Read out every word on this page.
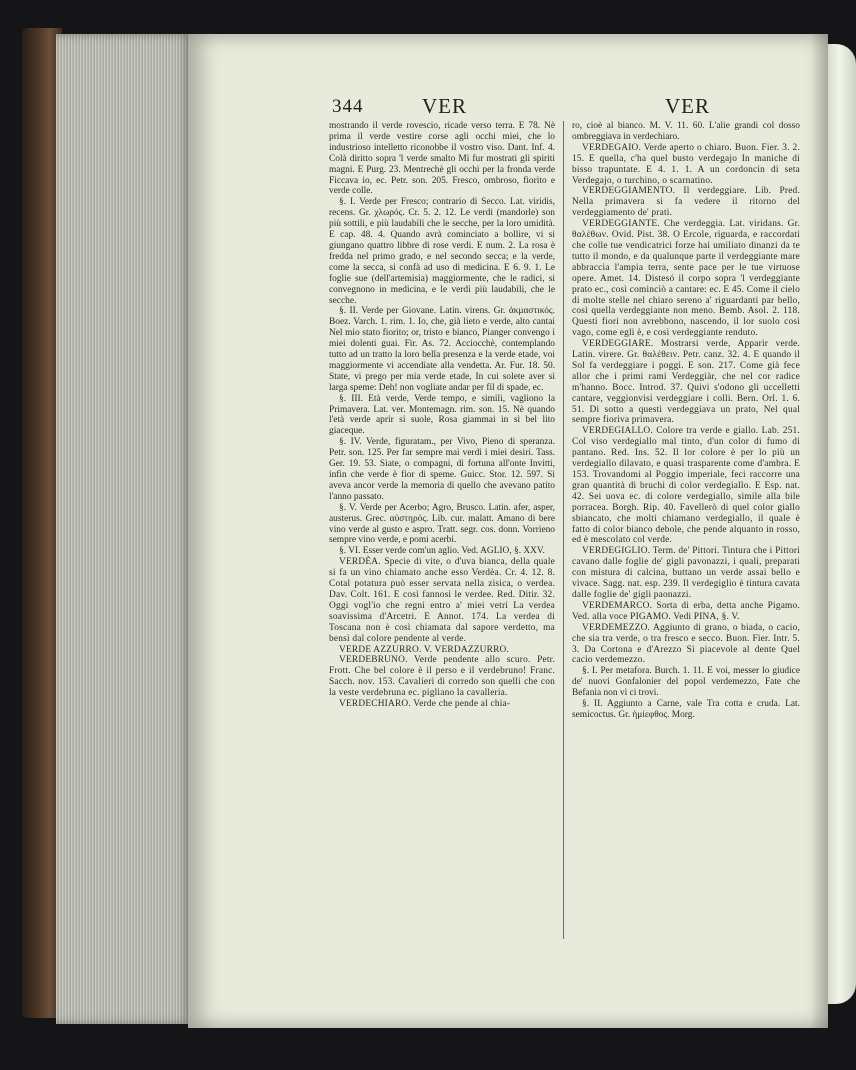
344	VER	VER

mostrando il verde rovescio, ricade verso terra. E 78. Nè prima il verde vestire corse agli occhi miei, che lo industrioso intelletto riconobbe il vostro viso. Dant. Inf. 4. Colà diritto sopra 'l verde smalto Mi fur mostrati gli spiriti magni. E Purg. 23. Mentrechè gli occhi per la fronda verde Ficcava io, ec. Petr. son. 205. Fresco, ombroso, fiorito e verde colle.

§. I. Verde per Fresco; contrario di Secco. Lat. viridis, recens. Gr. χλωρός. Cr. 5. 2. 12. Le verdi (mandorle) son più sottili, e più laudabili che le secche, per la loro umidità. E cap. 48. 4. Quando avrà cominciato a bollire, vi si giungano quattro libbre di rose verdi. E num. 2. La rosa è fredda nel primo grado, e nel secondo secca; e la verde, come la secca, si confà ad uso di medicina. E 6. 9. 1. Le foglie sue (dell'artemisia) maggiormente, che le radici, si convegnono in medicina, e le verdi più laudabili, che le secche.

§. II. Verde per Giovane. Latin. virens. Gr. ἀκμαστικός. Boez. Varch. 1. rim. 1. Io, che, già lieto e verde, alto cantai Nel mio stato fiorito; or, tristo e bianco, Pianger convengo i miei dolenti guai. Fir. As. 72. Acciocchè, contemplando tutto ad un tratto la loro bella presenza e la verde etade, voi maggiormente vi accendiate alla vendetta. Ar. Fur. 18. 50. State, vi prego per mia verde etade, In cui solete aver sì larga speme: Deh! non vogliate andar per fil di spade, ec.

§. III. Età verde, Verde tempo, e simili, vagliono la Primavera. Lat. ver. Montemagn. rim. son. 15. Nè quando l'età verde aprir si suole, Rosa giammai in sì bel lito giaceque.

§. IV. Verde, figuratam., per Vivo, Pieno di speranza. Petr. son. 125. Per far sempre mai verdi i miei desiri. Tass. Ger. 19. 53. Siate, o compagni, di fortuna all'onte Invitti, infin che verde è fior di speme. Guicc. Stor. 12. 597. Si aveva ancor verde la memoria di quello che avevano patito l'anno passato.

§. V. Verde per Acerbo; Agro, Brusco. Latin. afer, asper, austerus. Grec. αὐστηρός. Lib. cur. malatt. Amano di bere vino verde al gusto e aspro. Tratt. segr. cos. donn. Vorrieno sempre vino verde, e pomi acerbi.

§. VI. Esser verde com'un aglio. Ved. AGLIO, §. XXV.

VERDÈA. Specie di vite, o d'uva bianca, della quale si fa un vino chiamato anche esso Verdèa. Cr. 4. 12. 8. Cotal potatura può esser servata nella zisica, o verdea. Dav. Colt. 161. E così fannosi le verdee. Red. Ditir. 32. Oggi vogl'io che regni entro a' miei vetri La verdea soavissima d'Arcetri. E Annot. 174. La verdea di Toscana non è così chiamata dal sapore verdetto, ma bensì dal colore pendente al verde.

VERDE AZZURRO. V. VERDAZZURRO.

VERDEBRUNO. Verde pendente allo scuro. Petr. Frott. Che bel colore è il perso e il verdebruno! Franc. Sacch. nov. 153. Cavalieri di corredo son quelli che con la veste verdebruna ec. pigliano la cavalleria.

VERDECHIARO. Verde che pende al chia-

ro, cioè al bianco. M. V. 11. 60. L'alie grandi col dosso ombreggiava in verdechiaro.

VERDEGAIO. Verde aperto o chiaro. Buon. Fier. 3. 2. 15. E quella, c'ha quel busto verdegajo In maniche di bisso trapuntate. E 4. 1. 1. A un cordoncin di seta Verdegajo, o turchino, o scarnatino.

VERDEGGIAMENTO. Il verdeggiare. Lib. Pred. Nella primavera si fa vedere il ritorno del verdeggiamento de' prati.

VERDEGGIANTE. Che verdeggia. Lat. viridans. Gr. θαλέθων. Ovid. Pist. 38. O Ercole, riguarda, e raccordati che colle tue vendicatrici forze hai umiliato dinanzi da te tutto il mondo, e da qualunque parte il verdeggiante mare abbraccia l'ampia terra, sente pace per le tue virtuose opere. Amet. 14. Distesó il corpo sopra 'l verdeggiante prato ec., così cominciò a cantare: ec. E 45. Come il cielo di molte stelle nel chiaro sereno a' riguardanti par bello, così quella verdeggiante non meno. Bemb. Asol. 2. 118. Questi fiori non avrebbono, nascendo, il lor suolo così vago, come egli è, e così verdeggiante renduto.

VERDEGGIARE. Mostrarsi verde, Apparir verde. Latin. virere. Gr. θαλέθειν. Petr. canz. 32. 4. E quando il Sol fa verdeggiare i poggi. E son. 217. Come già fece allor che i primi rami Verdeggiàr, che nel cor radice m'hanno. Bocc. Introd. 37. Quivi s'odono gli uccelletti cantare, veggionvisi verdeggiare i colli. Bern. Orl. 1. 6. 51. Di sotto a questi verdeggiava un prato, Nel qual sempre fioriva primavera.

VERDEGIALLO. Colore tra verde e giallo. Lab. 251. Col viso verdegiallo mal tinto, d'un color di fumo di pantano. Red. Ins. 52. Il lor colore è per lo più un verdegiallo dilavato, e quasi trasparente come d'ambra. E 153. Trovandomi al Poggio imperiale, feci raccorre una gran quantità di bruchi di color verdegiallo. E Esp. nat. 42. Sei uova ec. di colore verdegiallo, simile alla bile porracea. Borgh. Rip. 40. Favellerò di quel color giallo sbiancato, che molti chiamano verdegiallo, il quale è fatto di color bianco debole, che pende alquanto in rosso, ed è mescolato col verde.

VERDEGIGLIO. Term. de' Pittori. Tintura che i Pittori cavano dalle foglie de' gigli pavonazzi, i quali, preparati con mistura di calcina, buttano un verde assai bello e vivace. Sagg. nat. esp. 239. Il verdegiglio è tintura cavata dalle foglie de' gigli paonazzi.

VERDEMARCO. Sorta di erba, detta anche Pigamo. Ved. alla voce PIGAMO. Vedi PINA, §. V.

VERDEMEZZO. Aggiunto di grano, o biada, o cacio, che sia tra verde, o tra fresco e secco. Buon. Fier. Intr. 5. 3. Da Cortona e d'Arezzo Sì piacevole al dente Quel cacio verdemezzo.

§. I. Per metafora. Burch. 1. 11. E voi, messer lo giudice de' nuovi Gonfalonier del popol verdemezzo, Fate che Befania non vi ci trovi.

§. II. Aggiunto a Carne, vale Tra cotta e cruda. Lat. semicoctus. Gr. ἡμίεφθος. Morg.
